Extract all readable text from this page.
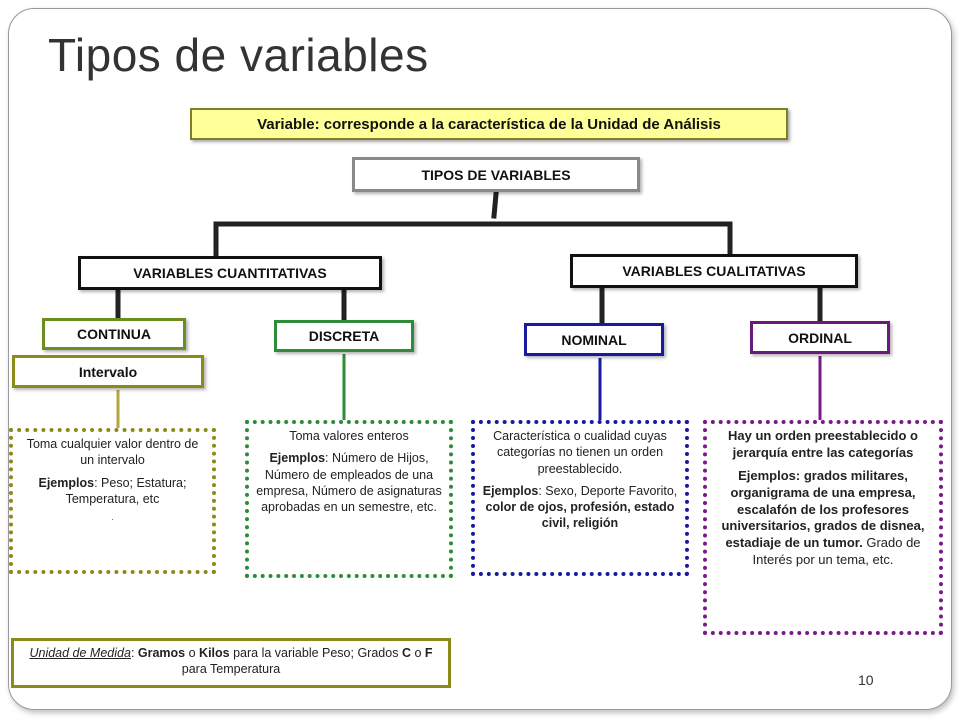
Tipos de variables
Variable : corresponde a la característica de la Unidad de Análisis
TIPOS DE VARIABLES
VARIABLES CUANTITATIVAS	VARIABLES CUALITATIVAS
CONTINUA
Intervalo
DISCRETA	NOMINAL	ORDINAL

Toma cualquier valor dentro de un intervalo

Ejemplos: Peso; Estatura; Temperatura, etc

.

Toma valores enteros

Ejemplos: Número de Hijos, Número de empleados de una empresa, Número de asignaturas aprobadas en un semestre, etc.

Característica o cualidad cuyas categorías no tienen un orden preestablecido.

Ejemplos: Sexo, Deporte Favorito, color de ojos, profesión, estado civil, religión

Hay un orden preestablecido o jerarquía entre las categorías

Ejemplos: grados militares, organigrama de una empresa, escalafón de los profesores universitarios, grados de disnea, estadiaje de un tumor. Grado de Interés por un tema, etc.

Unidad de Medida: Gramos o Kilos para la variable Peso; Grados C o F para Temperatura
10
